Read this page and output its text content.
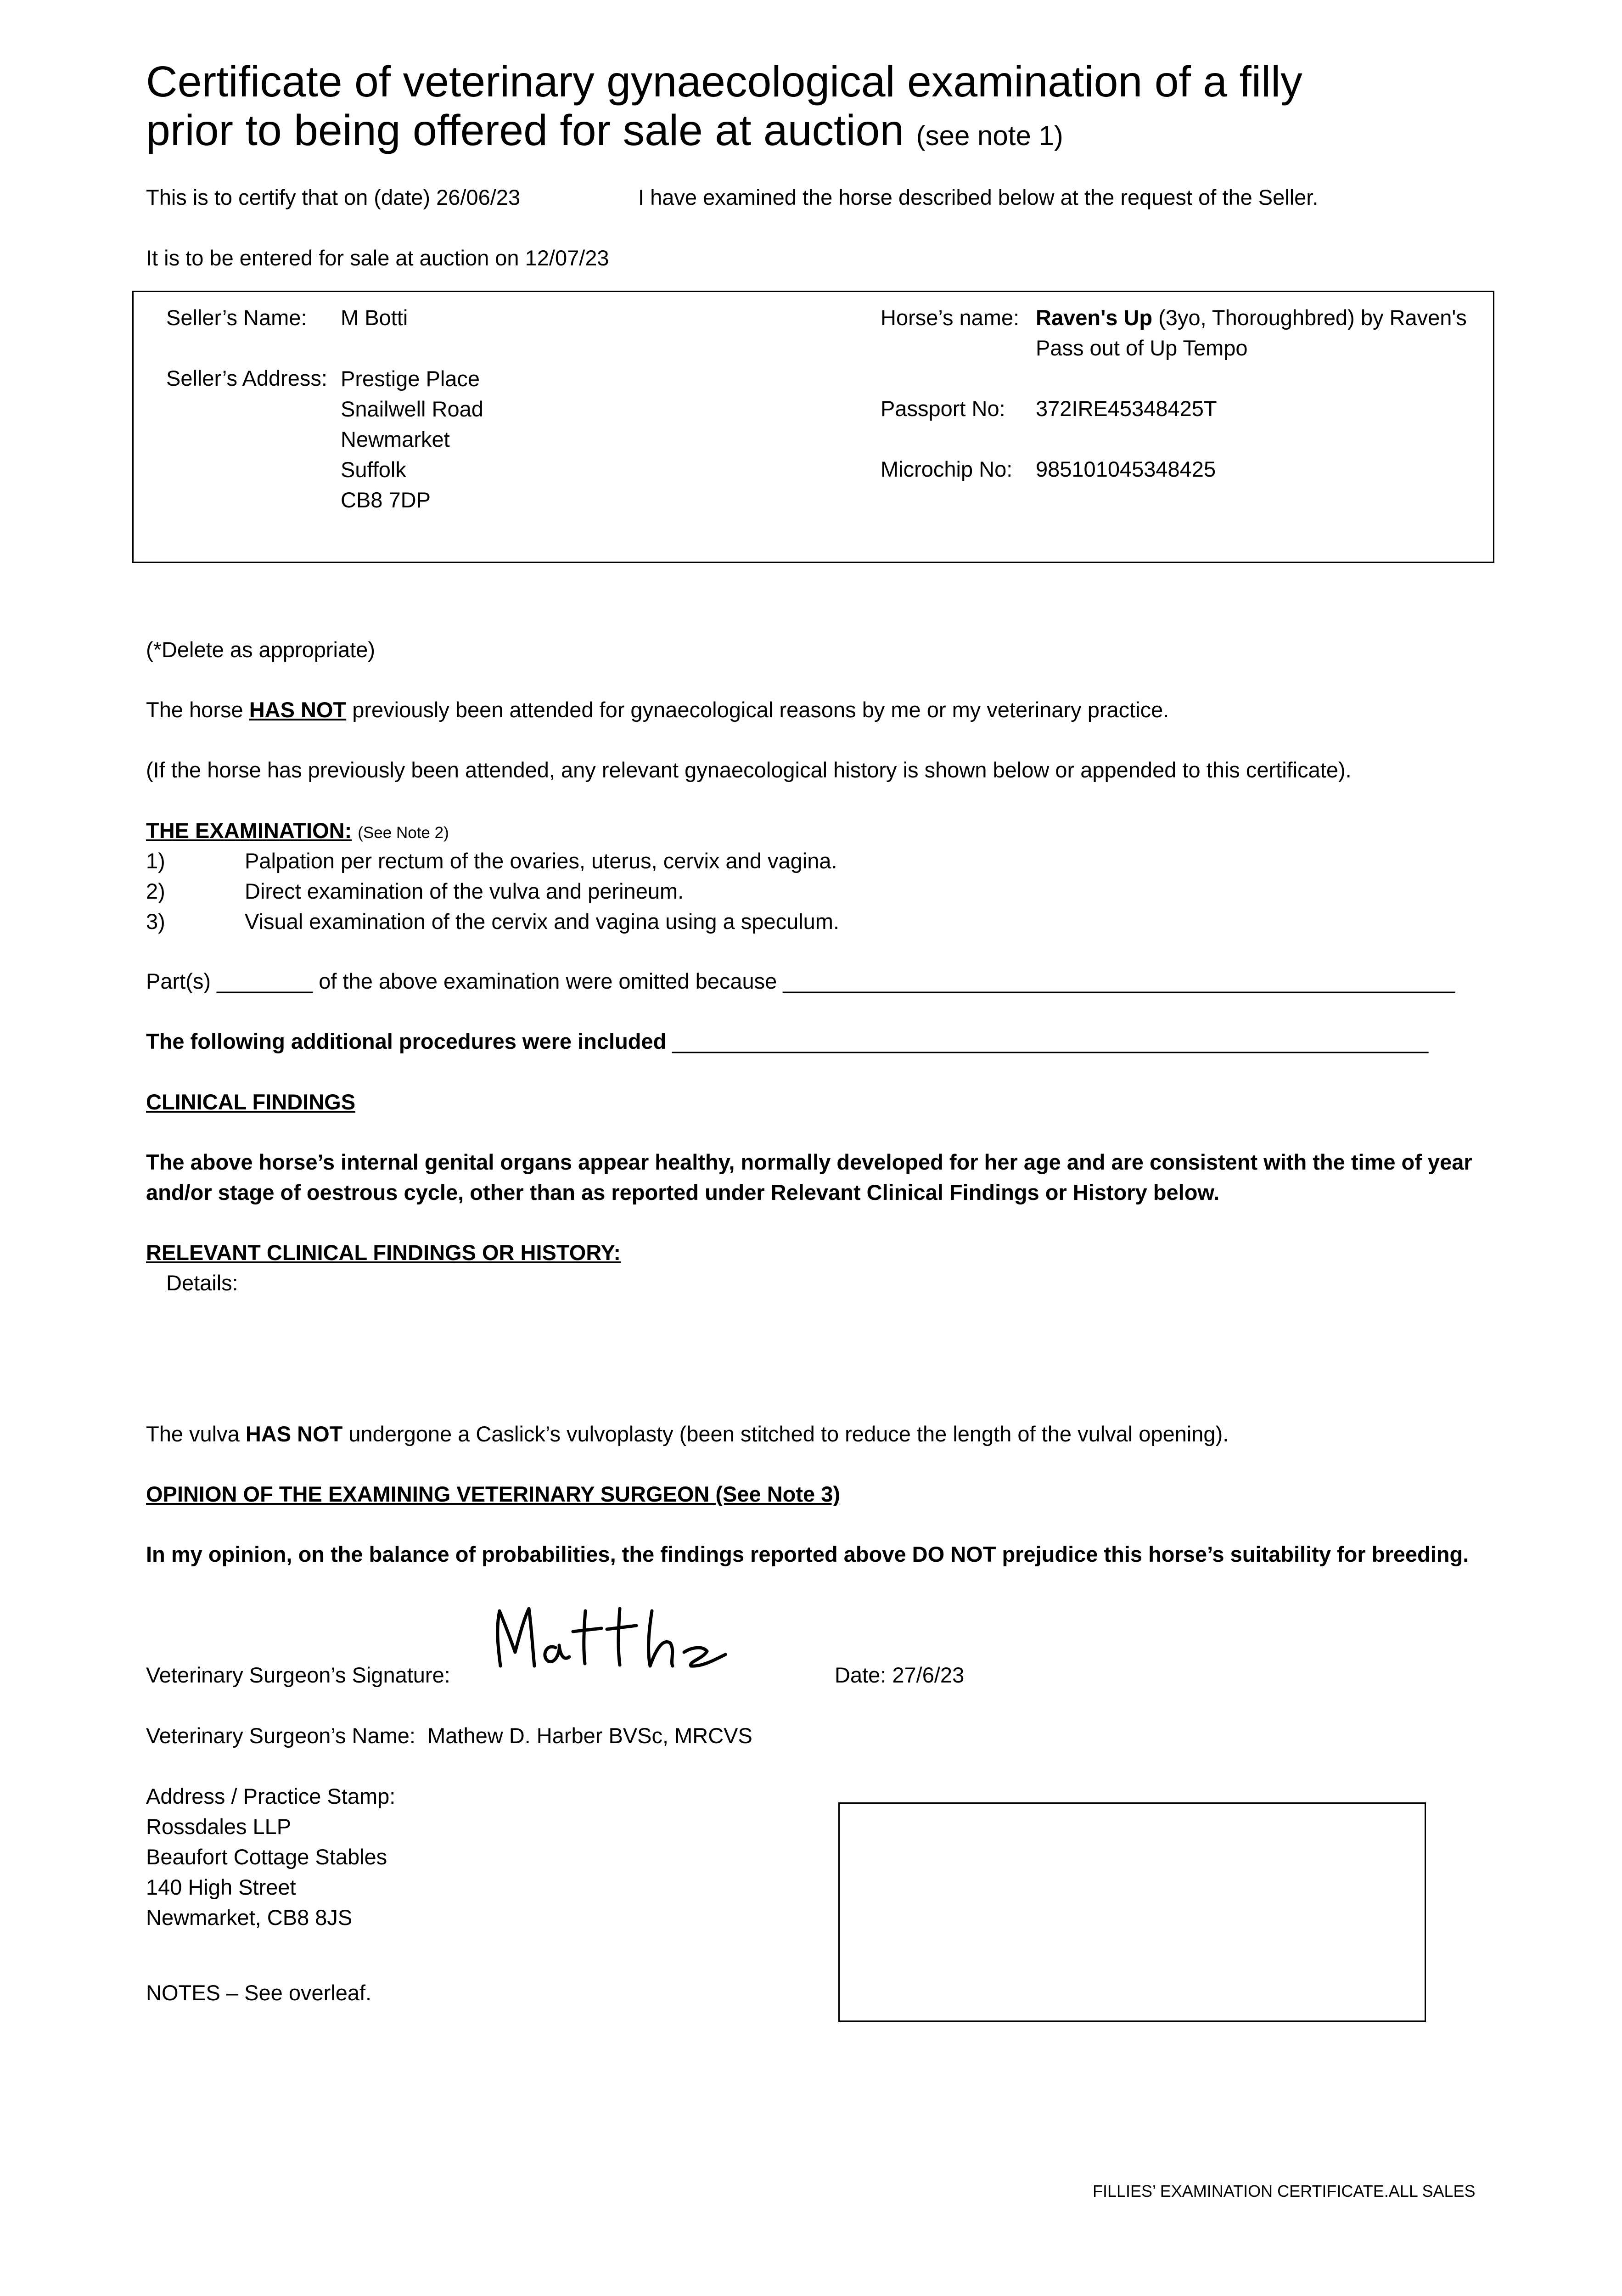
Certificate of veterinary gynaecological examination of a filly
prior to being offered for sale at auction (see note 1)
This is to certify that on (date) 26/06/23	I have examined the horse described below at the request of the Seller.
It is to be entered for sale at auction on 12/07/23
Seller’s Name: M Botti
Seller’s Address: Prestige Place
Snailwell Road
Newmarket
Suffolk
CB8 7DP
Horse’s name: Raven's Up (3yo, Thoroughbred) by Raven's
Pass out of Up Tempo
Passport No: 372IRE45348425T
Microchip No: 985101045348425
(*Delete as appropriate)
The horse HAS NOT previously been attended for gynaecological reasons by me or my veterinary practice.
(If the horse has previously been attended, any relevant gynaecological history is shown below or appended to this certificate).
THE EXAMINATION: (See Note 2)
1)	Palpation per rectum of the ovaries, uterus, cervix and vagina.
2)	Direct examination of the vulva and perineum.
3)	Visual examination of the cervix and vagina using a speculum.
Part(s) ________ of the above examination were omitted because ________________________________________________________
The following additional procedures were included _______________________________________________________________
CLINICAL FINDINGS
The above horse’s internal genital organs appear healthy, normally developed for her age and are consistent with the time of year
and/or stage of oestrous cycle, other than as reported under Relevant Clinical Findings or History below.
RELEVANT CLINICAL FINDINGS OR HISTORY:
Details:
The vulva HAS NOT undergone a Caslick’s vulvoplasty (been stitched to reduce the length of the vulval opening).
OPINION OF THE EXAMINING VETERINARY SURGEON (See Note 3)
In my opinion, on the balance of probabilities, the findings reported above DO NOT prejudice this horse’s suitability for breeding.
Veterinary Surgeon’s Signature:	Date: 27/6/23
Veterinary Surgeon’s Name: Mathew D. Harber BVSc, MRCVS
Address / Practice Stamp:
Rossdales LLP
Beaufort Cottage Stables
140 High Street
Newmarket, CB8 8JS
NOTES – See overleaf.
FILLIES’ EXAMINATION CERTIFICATE.ALL SALES
